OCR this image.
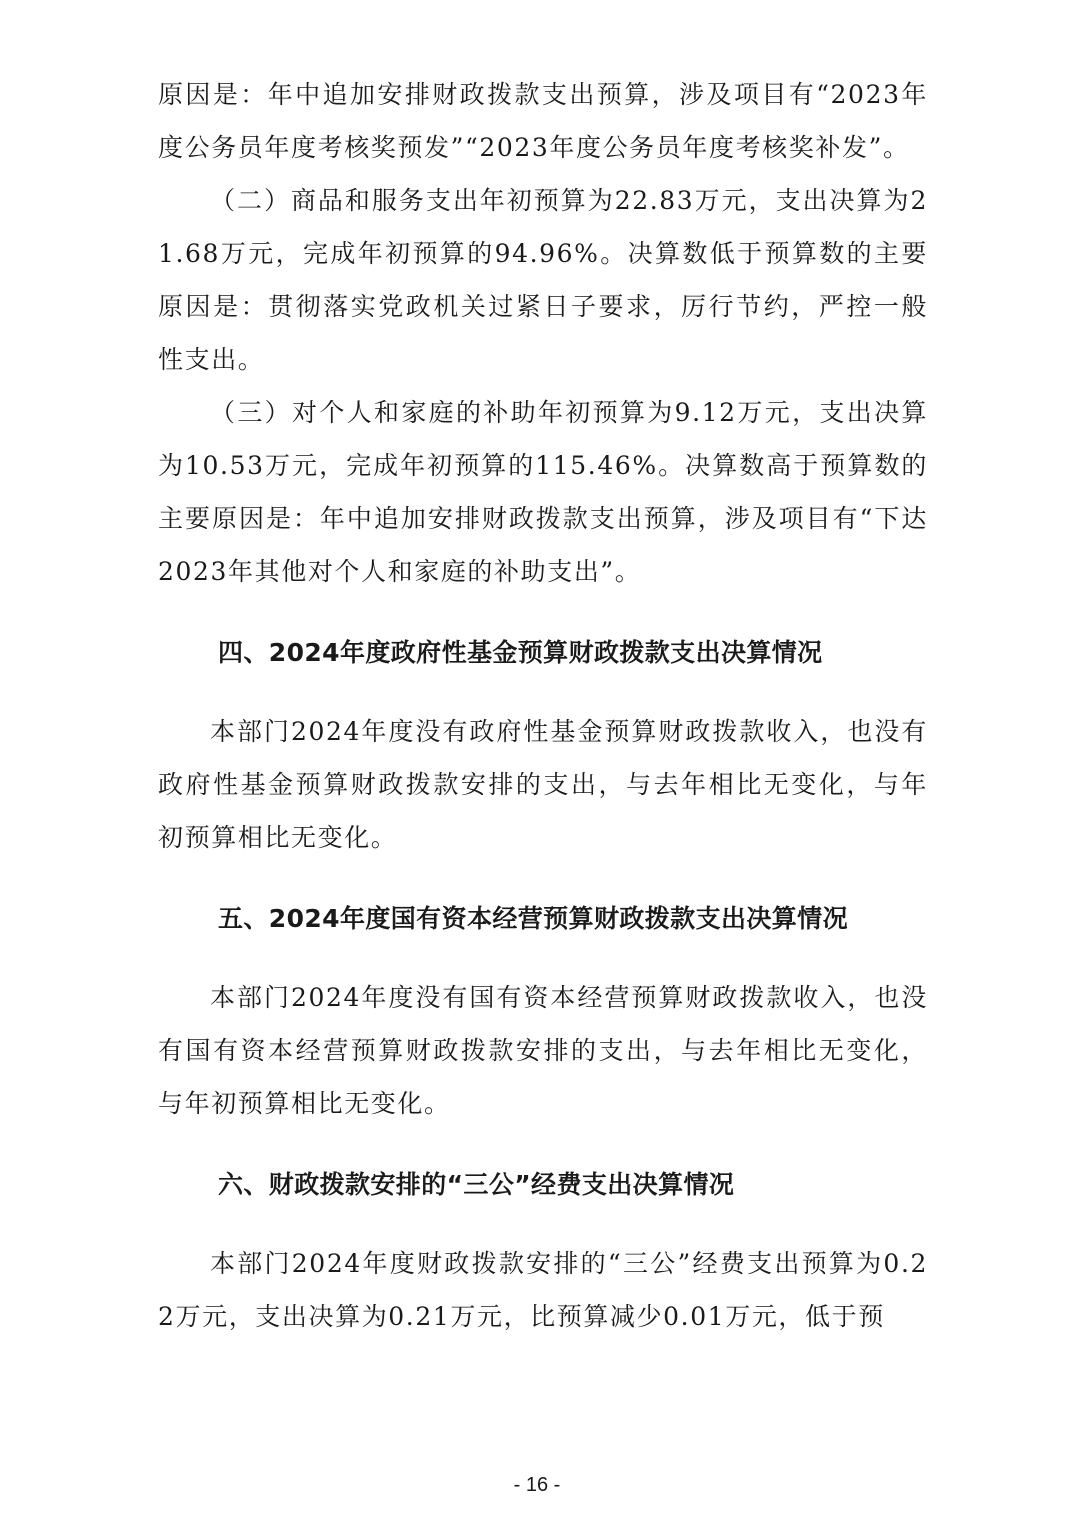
原因是：年中追加安排财政拨款支出预算，涉及项目有“2023年度公务员年度考核奖预发”“2023年度公务员年度考核奖补发”。

（二）商品和服务支出年初预算为22.83万元，支出决算为21.68万元，完成年初预算的94.96%。决算数低于预算数的主要原因是：贯彻落实党政机关过紧日子要求，厉行节约，严控一般性支出。

（三）对个人和家庭的补助年初预算为9.12万元，支出决算为10.53万元，完成年初预算的115.46%。决算数高于预算数的主要原因是：年中追加安排财政拨款支出预算，涉及项目有“下达2023年其他对个人和家庭的补助支出”。

四、2024年度政府性基金预算财政拨款支出决算情况

本部门2024年度没有政府性基金预算财政拨款收入，也没有政府性基金预算财政拨款安排的支出，与去年相比无变化，与年初预算相比无变化。

五、2024年度国有资本经营预算财政拨款支出决算情况

本部门2024年度没有国有资本经营预算财政拨款收入，也没有国有资本经营预算财政拨款安排的支出，与去年相比无变化，与年初预算相比无变化。

六、财政拨款安排的“三公”经费支出决算情况

本部门2024年度财政拨款安排的“三公”经费支出预算为0.22万元，支出决算为0.21万元，比预算减少0.01万元，低于预

- 16 -
